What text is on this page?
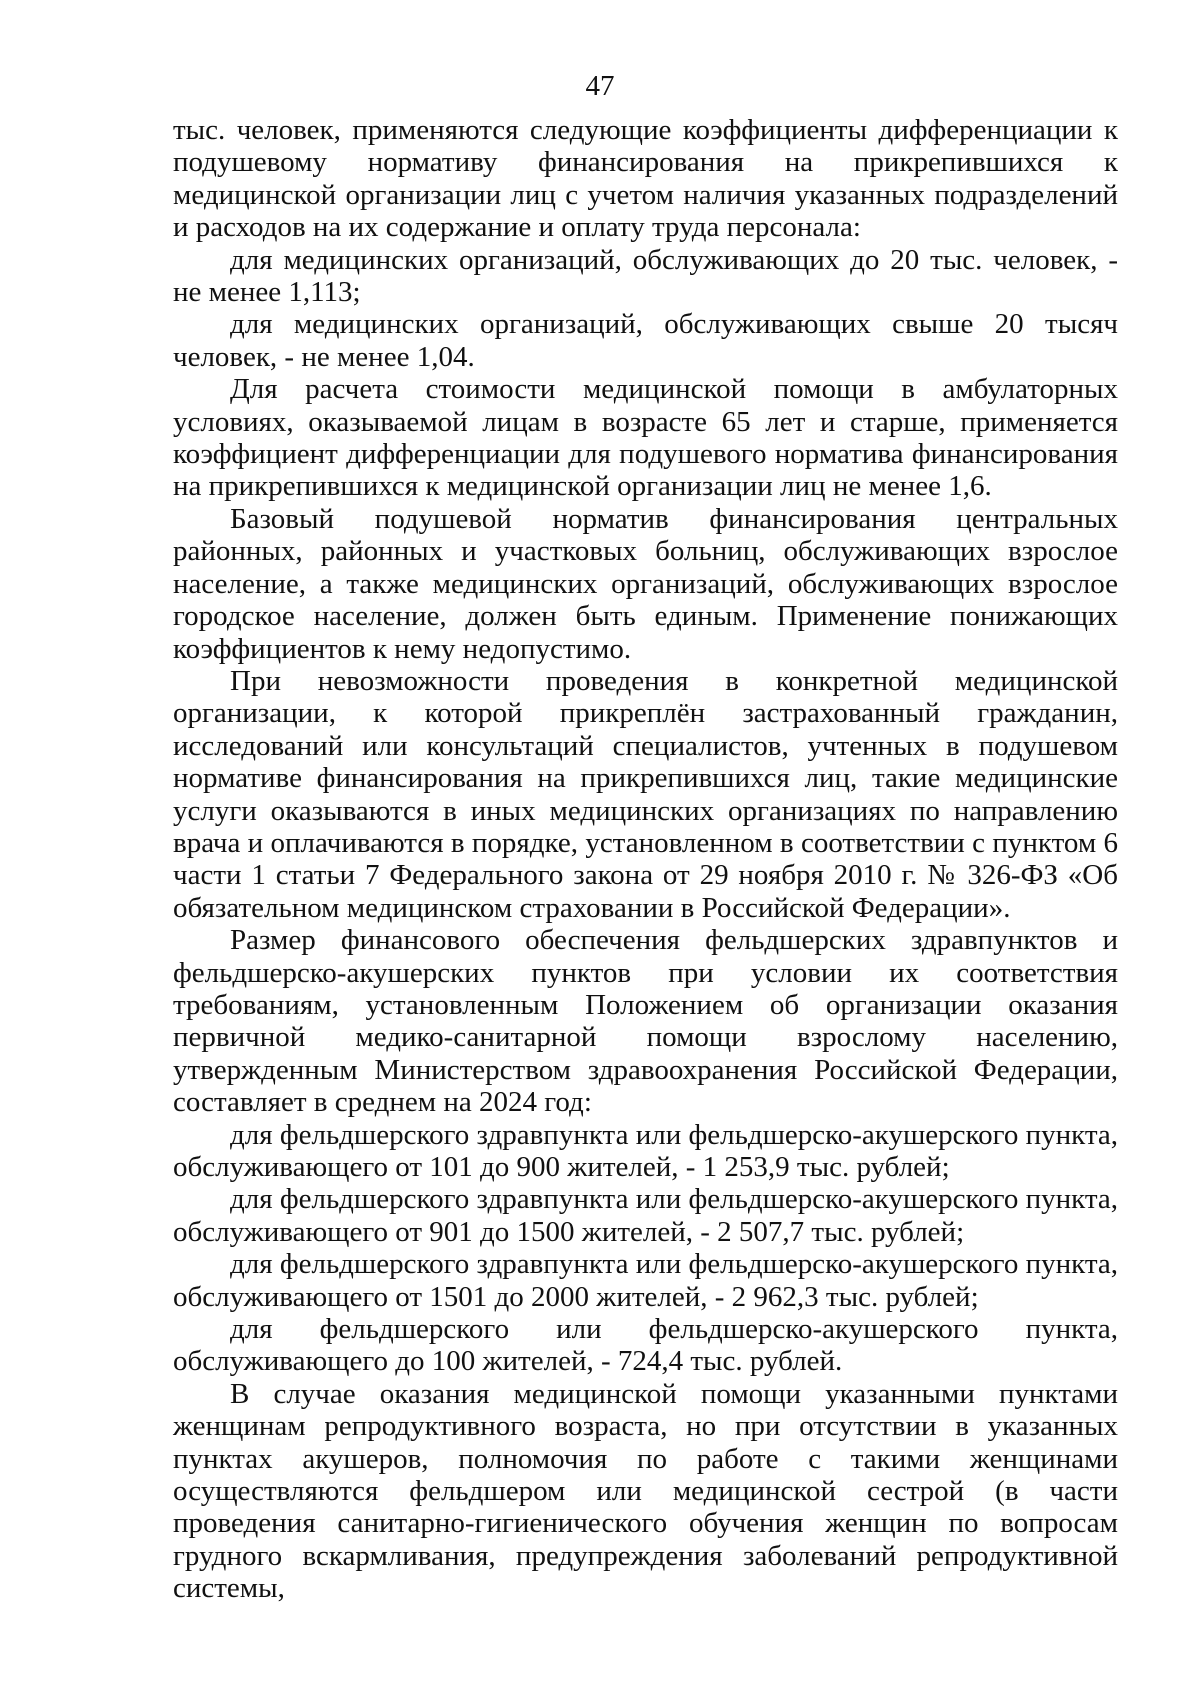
47

тыс. человек, применяются следующие коэффициенты дифференциации к подушевому нормативу финансирования на прикрепившихся к медицинской организации лиц с учетом наличия указанных подразделений и расходов на их содержание и оплату труда персонала:

для медицинских организаций, обслуживающих до 20 тыс. человек, - не менее 1,113;

для медицинских организаций, обслуживающих свыше 20 тысяч человек, - не менее 1,04.

Для расчета стоимости медицинской помощи в амбулаторных условиях, оказываемой лицам в возрасте 65 лет и старше, применяется коэффициент дифференциации для подушевого норматива финансирования на прикрепившихся к медицинской организации лиц не менее 1,6.

Базовый подушевой норматив финансирования центральных районных, районных и участковых больниц, обслуживающих взрослое население, а также медицинских организаций, обслуживающих взрослое городское население, должен быть единым. Применение понижающих коэффициентов к нему недопустимо.

При невозможности проведения в конкретной медицинской организации, к которой прикреплён застрахованный гражданин, исследований или консультаций специалистов, учтенных в подушевом нормативе финансирования на прикрепившихся лиц, такие медицинские услуги оказываются в иных медицинских организациях по направлению врача и оплачиваются в порядке, установленном в соответствии с пунктом 6 части 1 статьи 7 Федерального закона от 29 ноября 2010 г. № 326-ФЗ «Об обязательном медицинском страховании в Российской Федерации».

Размер финансового обеспечения фельдшерских здравпунктов и фельдшерско-акушерских пунктов при условии их соответствия требованиям, установленным Положением об организации оказания первичной медико-санитарной помощи взрослому населению, утвержденным Министерством здравоохранения Российской Федерации, составляет в среднем на 2024 год:

для фельдшерского здравпункта или фельдшерско-акушерского пункта, обслуживающего от 101 до 900 жителей, - 1 253,9 тыс. рублей;

для фельдшерского здравпункта или фельдшерско-акушерского пункта, обслуживающего от 901 до 1500 жителей, - 2 507,7 тыс. рублей;

для фельдшерского здравпункта или фельдшерско-акушерского пункта, обслуживающего от 1501 до 2000 жителей, - 2 962,3 тыс. рублей;

для фельдшерского или фельдшерско-акушерского пункта, обслуживающего до 100 жителей, - 724,4 тыс. рублей.

В случае оказания медицинской помощи указанными пунктами женщинам репродуктивного возраста, но при отсутствии в указанных пунктах акушеров, полномочия по работе с такими женщинами осуществляются фельдшером или медицинской сестрой (в части проведения санитарно-гигиенического обучения женщин по вопросам грудного вскармливания, предупреждения заболеваний репродуктивной системы,
